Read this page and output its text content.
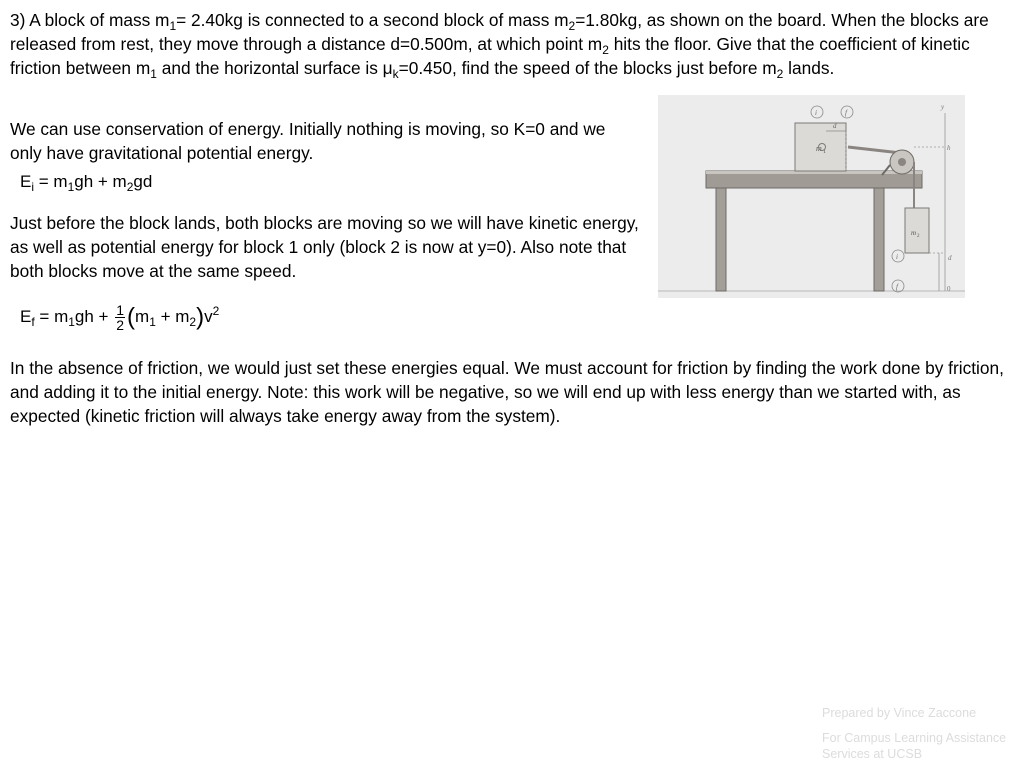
3) A block of mass $m_1= 2.40kg$ is connected to a second block of mass $m_2=1.80kg$, as shown on the board. When the blocks are released from rest, they move through a distance d=0.500m, at which point $m_2$ hits the floor. Give that the coefficient of kinetic friction between $m_1$ and the horizontal surface is $\mu_k=0.450$, find the speed of the blocks just before $m_2$ lands.
We can use conservation of energy. Initially nothing is moving, so K=0 and we only have gravitational potential energy.
$E_i = m_1gh + m_2gd$
Just before the block lands, both blocks are moving so we will have kinetic energy, as well as potential energy for block 1 only (block 2 is now at y=0). Also note that both blocks move at the same speed.
$E_f = m_1gh + \frac{1}{2} (m_1 + m_2)v^2$
In the absence of friction, we would just set these energies equal. We must account for friction by finding the work done by friction, and adding it to the initial energy. Note: this work will be negative, so we will end up with less energy than we started with, as expected (kinetic friction will always take energy away from the system).
m 1
m 2
d
y
h
0
d
i	f
i
f
Prepared by Vince Zaccone
For Campus Learning Assistance Services at UCSB
